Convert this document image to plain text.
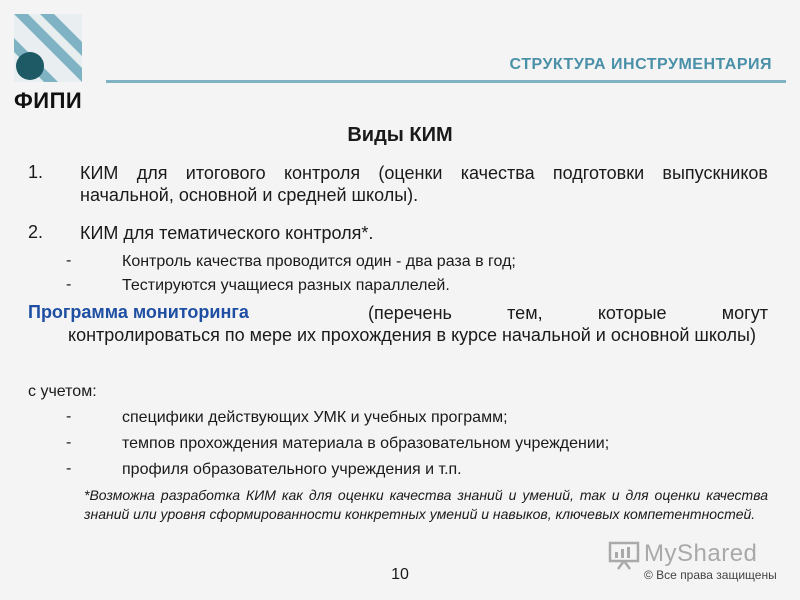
ФИПИ
СТРУКТУРА ИНСТРУМЕНТАРИЯ
Виды КИМ
1. КИМ для итогового контроля (оценки качества подготовки выпускников начальной, основной и средней школы).
2. КИМ для тематического контроля*.
-	Контроль качества проводится один - два раза в год;
-	Тестируются учащиеся разных параллелей.
Программа мониторинга	(перечень тем, которые могут
контролироваться по мере их прохождения в курсе начальной и основной школы)
с учетом:
-	специфики действующих УМК и учебных программ;
-	темпов прохождения материала в образовательном учреждении;
-	профиля образовательного учреждения и т.п.
*Возможна разработка КИМ как для оценки качества знаний и умений, так и для оценки качества знаний или уровня сформированности конкретных умений и навыков, ключевых компетентностей.
10
MyShared
© Все права защищены
